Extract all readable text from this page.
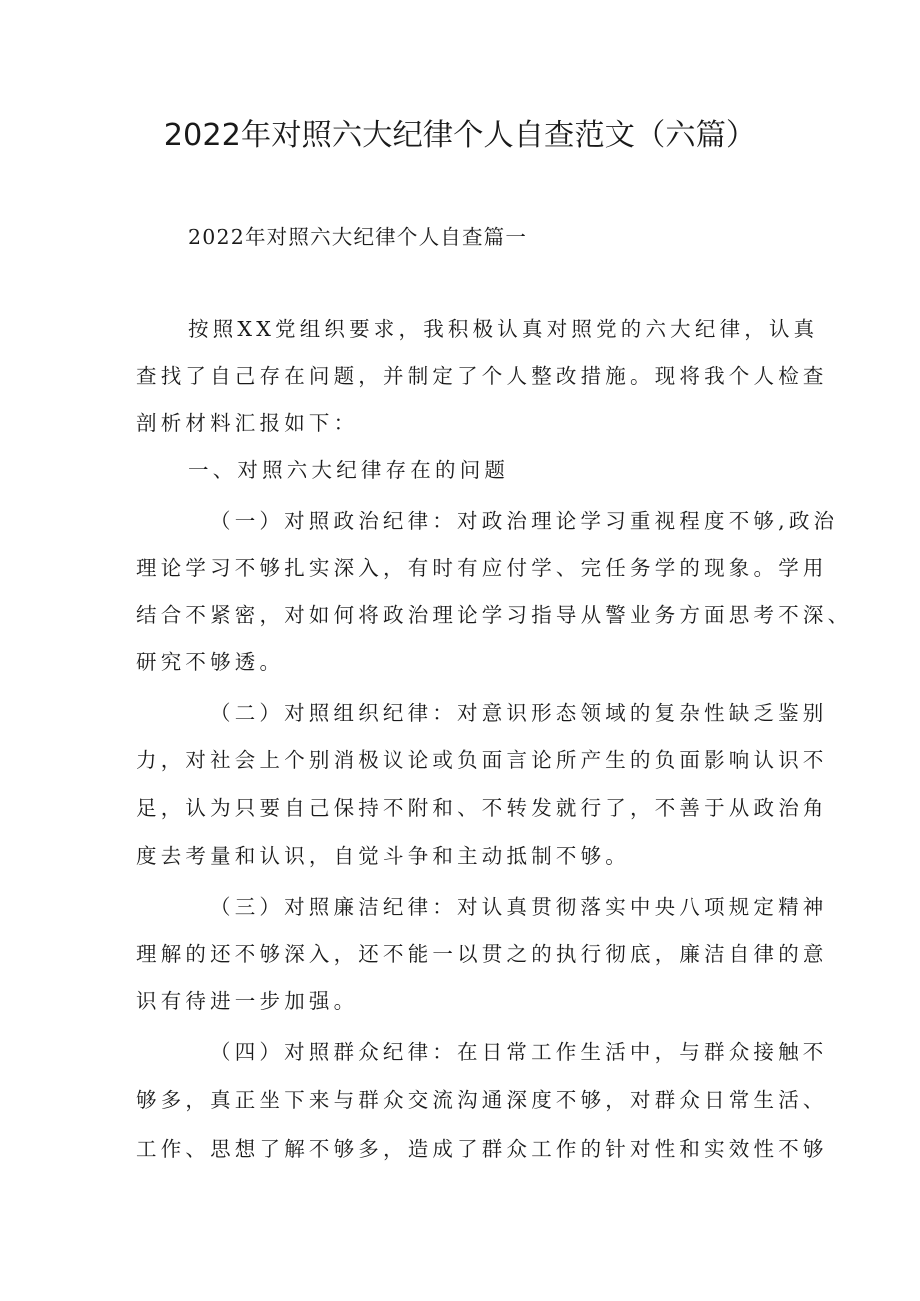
2022年对照六大纪律个人自查范文（六篇）

2022年对照六大纪律个人自查篇一

按照XX党组织要求，我积极认真对照党的六大纪律，认真

查找了自己存在问题，并制定了个人整改措施。现将我个人检查

剖析材料汇报如下：

一、对照六大纪律存在的问题

（一）对照政治纪律：对政治理论学习重视程度不够,政治

理论学习不够扎实深入，有时有应付学、完任务学的现象。学用

结合不紧密，对如何将政治理论学习指导从警业务方面思考不深、

研究不够透。

（二）对照组织纪律：对意识形态领域的复杂性缺乏鉴别

力，对社会上个别消极议论或负面言论所产生的负面影响认识不

足，认为只要自己保持不附和、不转发就行了，不善于从政治角

度去考量和认识，自觉斗争和主动抵制不够。

（三）对照廉洁纪律：对认真贯彻落实中央八项规定精神

理解的还不够深入，还不能一以贯之的执行彻底，廉洁自律的意

识有待进一步加强。

（四）对照群众纪律：在日常工作生活中，与群众接触不

够多，真正坐下来与群众交流沟通深度不够，对群众日常生活、

工作、思想了解不够多，造成了群众工作的针对性和实效性不够
